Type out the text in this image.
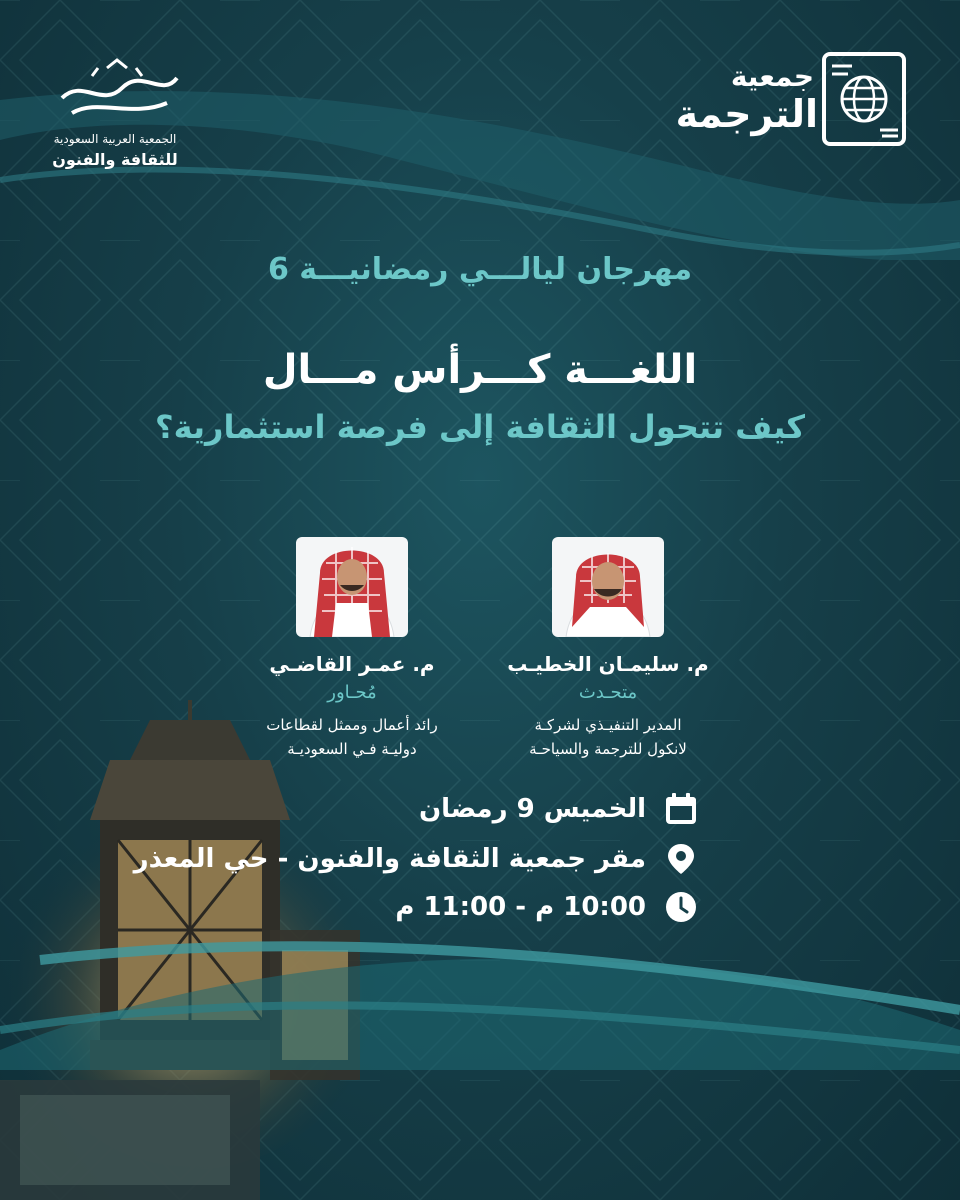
جمعية
الترجمة
الجمعية العربية السعودية
للثقافة والفنون
مهرجان ليالـــي رمضانيـــة 6
اللغـــة كـــرأس مـــال
كيف تتحول الثقافة إلى فرصة استثمارية؟
م. سليمـان الخطيـب
متحـدث
المدير التنفيـذي لشركـة
لانكول للترجمة والسياحـة
م. عمـر القاضـي
مُحـاور
رائد أعمال وممثل لقطاعات
دوليـة فـي السعوديـة
الخميس 9 رمضان
مقر جمعية الثقافة والفنون - حي المعذر
10:00 م - 11:00 م
